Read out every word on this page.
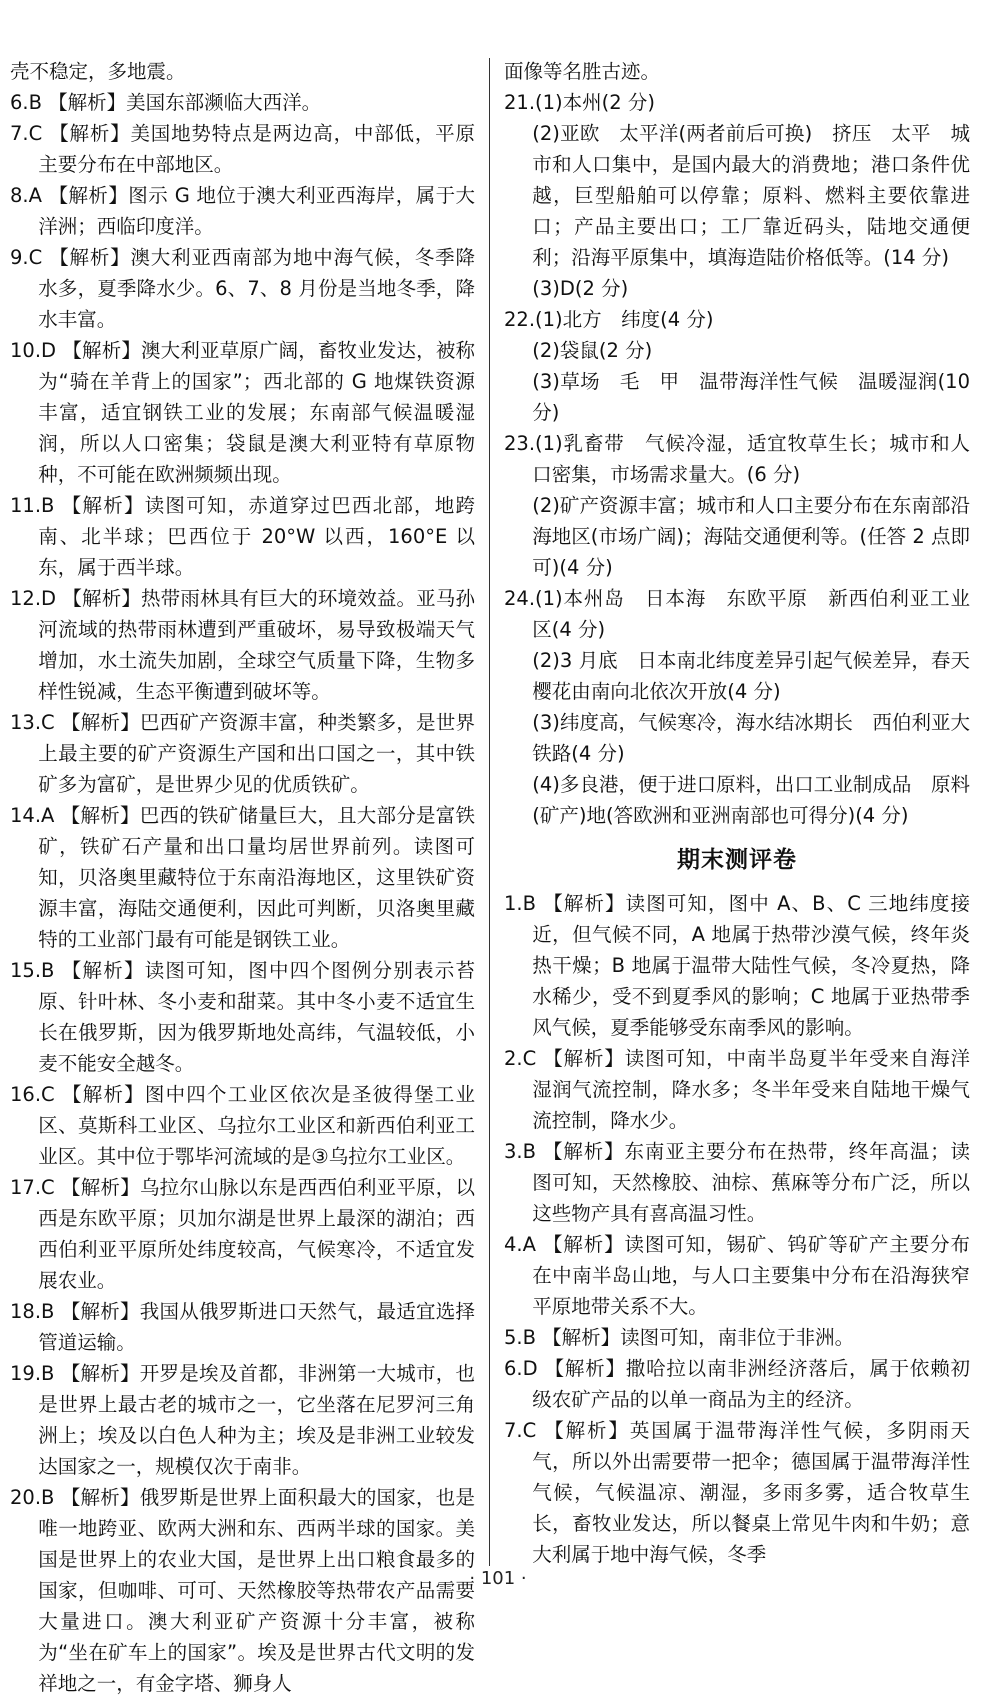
壳不稳定，多地震。

6.B 【解析】美国东部濒临大西洋。

7.C 【解析】美国地势特点是两边高，中部低，平原主要分布在中部地区。

8.A 【解析】图示 G 地位于澳大利亚西海岸，属于大洋洲；西临印度洋。

9.C 【解析】澳大利亚西南部为地中海气候，冬季降水多，夏季降水少。6、7、8 月份是当地冬季，降水丰富。

10.D 【解析】澳大利亚草原广阔，畜牧业发达，被称为“骑在羊背上的国家”；西北部的 G 地煤铁资源丰富，适宜钢铁工业的发展；东南部气候温暖湿润，所以人口密集；袋鼠是澳大利亚特有草原物种，不可能在欧洲频频出现。

11.B 【解析】读图可知，赤道穿过巴西北部，地跨南、北半球；巴西位于 20°W 以西，160°E 以东，属于西半球。

12.D 【解析】热带雨林具有巨大的环境效益。亚马孙河流域的热带雨林遭到严重破坏，易导致极端天气增加，水土流失加剧，全球空气质量下降，生物多样性锐减，生态平衡遭到破坏等。

13.C 【解析】巴西矿产资源丰富，种类繁多，是世界上最主要的矿产资源生产国和出口国之一，其中铁矿多为富矿，是世界少见的优质铁矿。

14.A 【解析】巴西的铁矿储量巨大，且大部分是富铁矿，铁矿石产量和出口量均居世界前列。读图可知，贝洛奥里藏特位于东南沿海地区，这里铁矿资源丰富，海陆交通便利，因此可判断，贝洛奥里藏特的工业部门最有可能是钢铁工业。

15.B 【解析】读图可知，图中四个图例分别表示苔原、针叶林、冬小麦和甜菜。其中冬小麦不适宜生长在俄罗斯，因为俄罗斯地处高纬，气温较低，小麦不能安全越冬。

16.C 【解析】图中四个工业区依次是圣彼得堡工业区、莫斯科工业区、乌拉尔工业区和新西伯利亚工业区。其中位于鄂毕河流域的是③乌拉尔工业区。

17.C 【解析】乌拉尔山脉以东是西西伯利亚平原，以西是东欧平原；贝加尔湖是世界上最深的湖泊；西西伯利亚平原所处纬度较高，气候寒冷，不适宜发展农业。

18.B 【解析】我国从俄罗斯进口天然气，最适宜选择管道运输。

19.B 【解析】开罗是埃及首都，非洲第一大城市，也是世界上最古老的城市之一，它坐落在尼罗河三角洲上；埃及以白色人种为主；埃及是非洲工业较发达国家之一，规模仅次于南非。

20.B 【解析】俄罗斯是世界上面积最大的国家，也是唯一地跨亚、欧两大洲和东、西两半球的国家。美国是世界上的农业大国，是世界上出口粮食最多的国家，但咖啡、可可、天然橡胶等热带农产品需要大量进口。澳大利亚矿产资源十分丰富，被称为“坐在矿车上的国家”。埃及是世界古代文明的发祥地之一，有金字塔、狮身人

面像等名胜古迹。

21.(1)本州(2 分)

(2)亚欧　太平洋(两者前后可换)　挤压　太平　城市和人口集中，是国内最大的消费地；港口条件优越，巨型船舶可以停靠；原料、燃料主要依靠进口；产品主要出口；工厂靠近码头，陆地交通便利；沿海平原集中，填海造陆价格低等。(14 分)

(3)D(2 分)

22.(1)北方　纬度(4 分)

(2)袋鼠(2 分)

(3)草场　毛　甲　温带海洋性气候　温暖湿润(10 分)

23.(1)乳畜带　气候冷湿，适宜牧草生长；城市和人口密集，市场需求量大。(6 分)

(2)矿产资源丰富；城市和人口主要分布在东南部沿海地区(市场广阔)；海陆交通便利等。(任答 2 点即可)(4 分)

24.(1)本州岛　日本海　东欧平原　新西伯利亚工业区(4 分)

(2)3 月底　日本南北纬度差异引起气候差异，春天樱花由南向北依次开放(4 分)

(3)纬度高，气候寒冷，海水结冰期长　西伯利亚大铁路(4 分)

(4)多良港，便于进口原料，出口工业制成品　原料(矿产)地(答欧洲和亚洲南部也可得分)(4 分)

期末测评卷

1.B 【解析】读图可知，图中 A、B、C 三地纬度接近，但气候不同，A 地属于热带沙漠气候，终年炎热干燥；B 地属于温带大陆性气候，冬冷夏热，降水稀少，受不到夏季风的影响；C 地属于亚热带季风气候，夏季能够受东南季风的影响。

2.C 【解析】读图可知，中南半岛夏半年受来自海洋湿润气流控制，降水多；冬半年受来自陆地干燥气流控制，降水少。

3.B 【解析】东南亚主要分布在热带，终年高温；读图可知，天然橡胶、油棕、蕉麻等分布广泛，所以这些物产具有喜高温习性。

4.A 【解析】读图可知，锡矿、钨矿等矿产主要分布在中南半岛山地，与人口主要集中分布在沿海狭窄平原地带关系不大。

5.B 【解析】读图可知，南非位于非洲。

6.D 【解析】撒哈拉以南非洲经济落后，属于依赖初级农矿产品的以单一商品为主的经济。

7.C 【解析】英国属于温带海洋性气候，多阴雨天气，所以外出需要带一把伞；德国属于温带海洋性气候，气候温凉、潮湿，多雨多雾，适合牧草生长，畜牧业发达，所以餐桌上常见牛肉和牛奶；意大利属于地中海气候，冬季

· 101 ·
